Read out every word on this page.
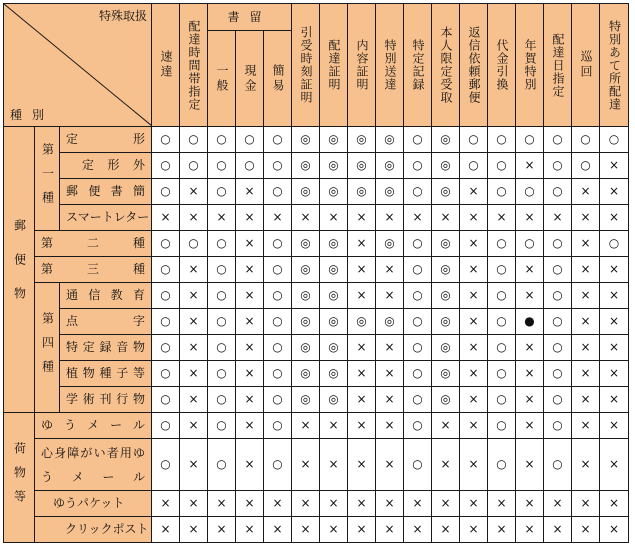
特殊取扱
種別			速達	配達時間帯指定	書留			引受時刻証明	配達証明	内容証明	特別送達	特定記録	本人限定受取	返信依頼郵便	代金引換	年賀特別	配達日指定	巡回	特別あて所配達

					一般	現金	簡易												

郵便物	第一種	定形	○	○	○	○	○	◎	◎	◎	◎	○	◎	○	○	○	○	○	○

		定形外	○	○	○	○	○	◎	◎	◎	◎	○	◎	○	○	×	○	○	×

		郵便書簡	○	×	○	×	○	◎	◎	◎	◎	○	◎	×	○	○	○	×	×

		スマートレター	×	×	×	×	×	×	×	×	×	×	×	×	×	×	×	×	×

	第二種		○	○	○	×	○	◎	◎	×	◎	○	◎	×	○	○	○	×	○

	第三種		○	×	○	×	○	◎	◎	×	×	○	◎	×	○	×	○	×	×

	第四種	通信教育	○	×	○	×	○	◎	◎	×	×	○	◎	×	○	×	○	×	×

		点字	○	×	○	×	○	◎	◎	◎	◎	○	◎	×	○	●	○	×	×

		特定録音物	○	×	○	×	○	◎	◎	×	×	○	◎	×	○	×	○	×	×

		植物種子等	○	×	○	×	○	◎	◎	×	×	○	◎	×	○	×	○	×	×

		学術刊行物	○	×	○	×	○	◎	◎	×	×	○	◎	×	○	×	○	×	×

荷物等	ゆうメール		○	×	○	×	○	×	×	×	×	○	×	×	○	×	○	×	×

	心身障がい者用ゆうメール		○	×	○	×	○	×	×	×	×	○	×	×	○	×	○	×	×

	ゆうパケット		×	×	×	×	×	×	×	×	×	×	×	×	×	×	×	×	×

	クリックポスト		×	×	×	×	×	×	×	×	×	×	×	×	×	×	×	×	×
